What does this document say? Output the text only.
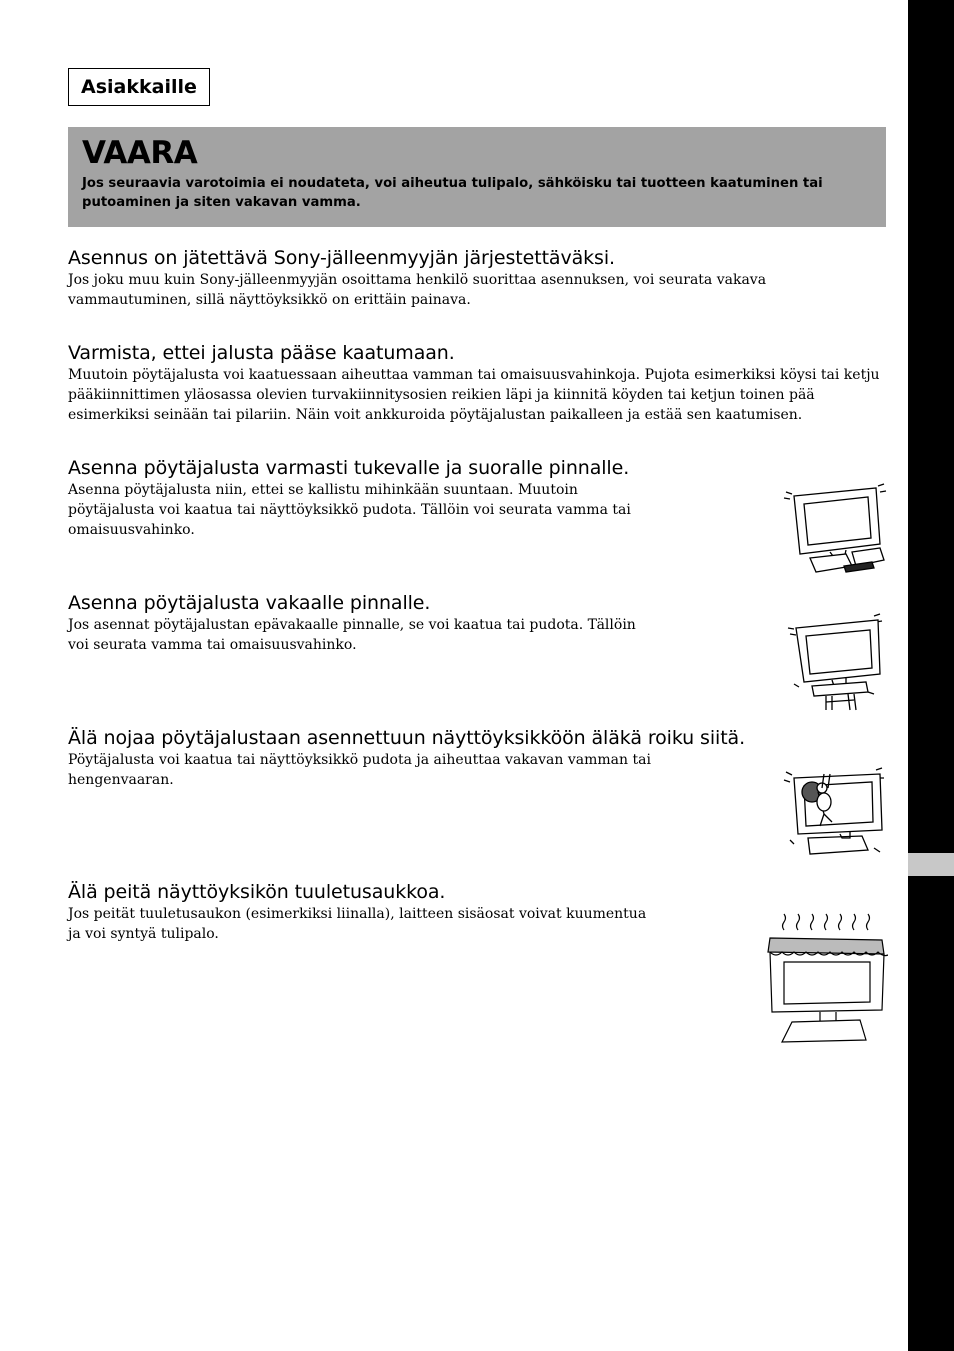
Asiakkaille
VAARA
Jos seuraavia varotoimia ei noudateta, voi aiheutua tulipalo, sähköisku tai tuotteen kaatuminen tai putoaminen ja siten vakavan vamma.
Asennus on jätettävä Sony-jälleenmyyjän järjestettäväksi.

Jos joku muu kuin Sony-jälleenmyyjän osoittama henkilö suorittaa asennuksen, voi seurata vakava

vammautuminen, sillä näyttöyksikkö on erittäin painava.

Varmista, ettei jalusta pääse kaatumaan.

Muutoin pöytäjalusta voi kaatuessaan aiheuttaa vamman tai omaisuusvahinkoja. Pujota esimerkiksi köysi tai ketju

pääkiinnittimen yläosassa olevien turvakiinnitysosien reikien läpi ja kiinnitä köyden tai ketjun toinen pää

esimerkiksi seinään tai pilariin. Näin voit ankkuroida pöytäjalustan paikalleen ja estää sen kaatumisen.

Asenna pöytäjalusta varmasti tukevalle ja suoralle pinnalle.

Asenna pöytäjalusta niin, ettei se kallistu mihinkään suuntaan. Muutoin

pöytäjalusta voi kaatua tai näyttöyksikkö pudota. Tällöin voi seurata vamma tai

omaisuusvahinko.

Asenna pöytäjalusta vakaalle pinnalle.

Jos asennat pöytäjalustan epävakaalle pinnalle, se voi kaatua tai pudota. Tällöin

voi seurata vamma tai omaisuusvahinko.

Älä nojaa pöytäjalustaan asennettuun näyttöyksikköön äläkä roiku siitä.

Pöytäjalusta voi kaatua tai näyttöyksikkö pudota ja aiheuttaa vakavan vamman tai

hengenvaaran.

Älä peitä näyttöyksikön tuuletusaukkoa.

Jos peität tuuletusaukon (esimerkiksi liinalla), laitteen sisäosat voivat kuumentua

ja voi syntyä tulipalo.
